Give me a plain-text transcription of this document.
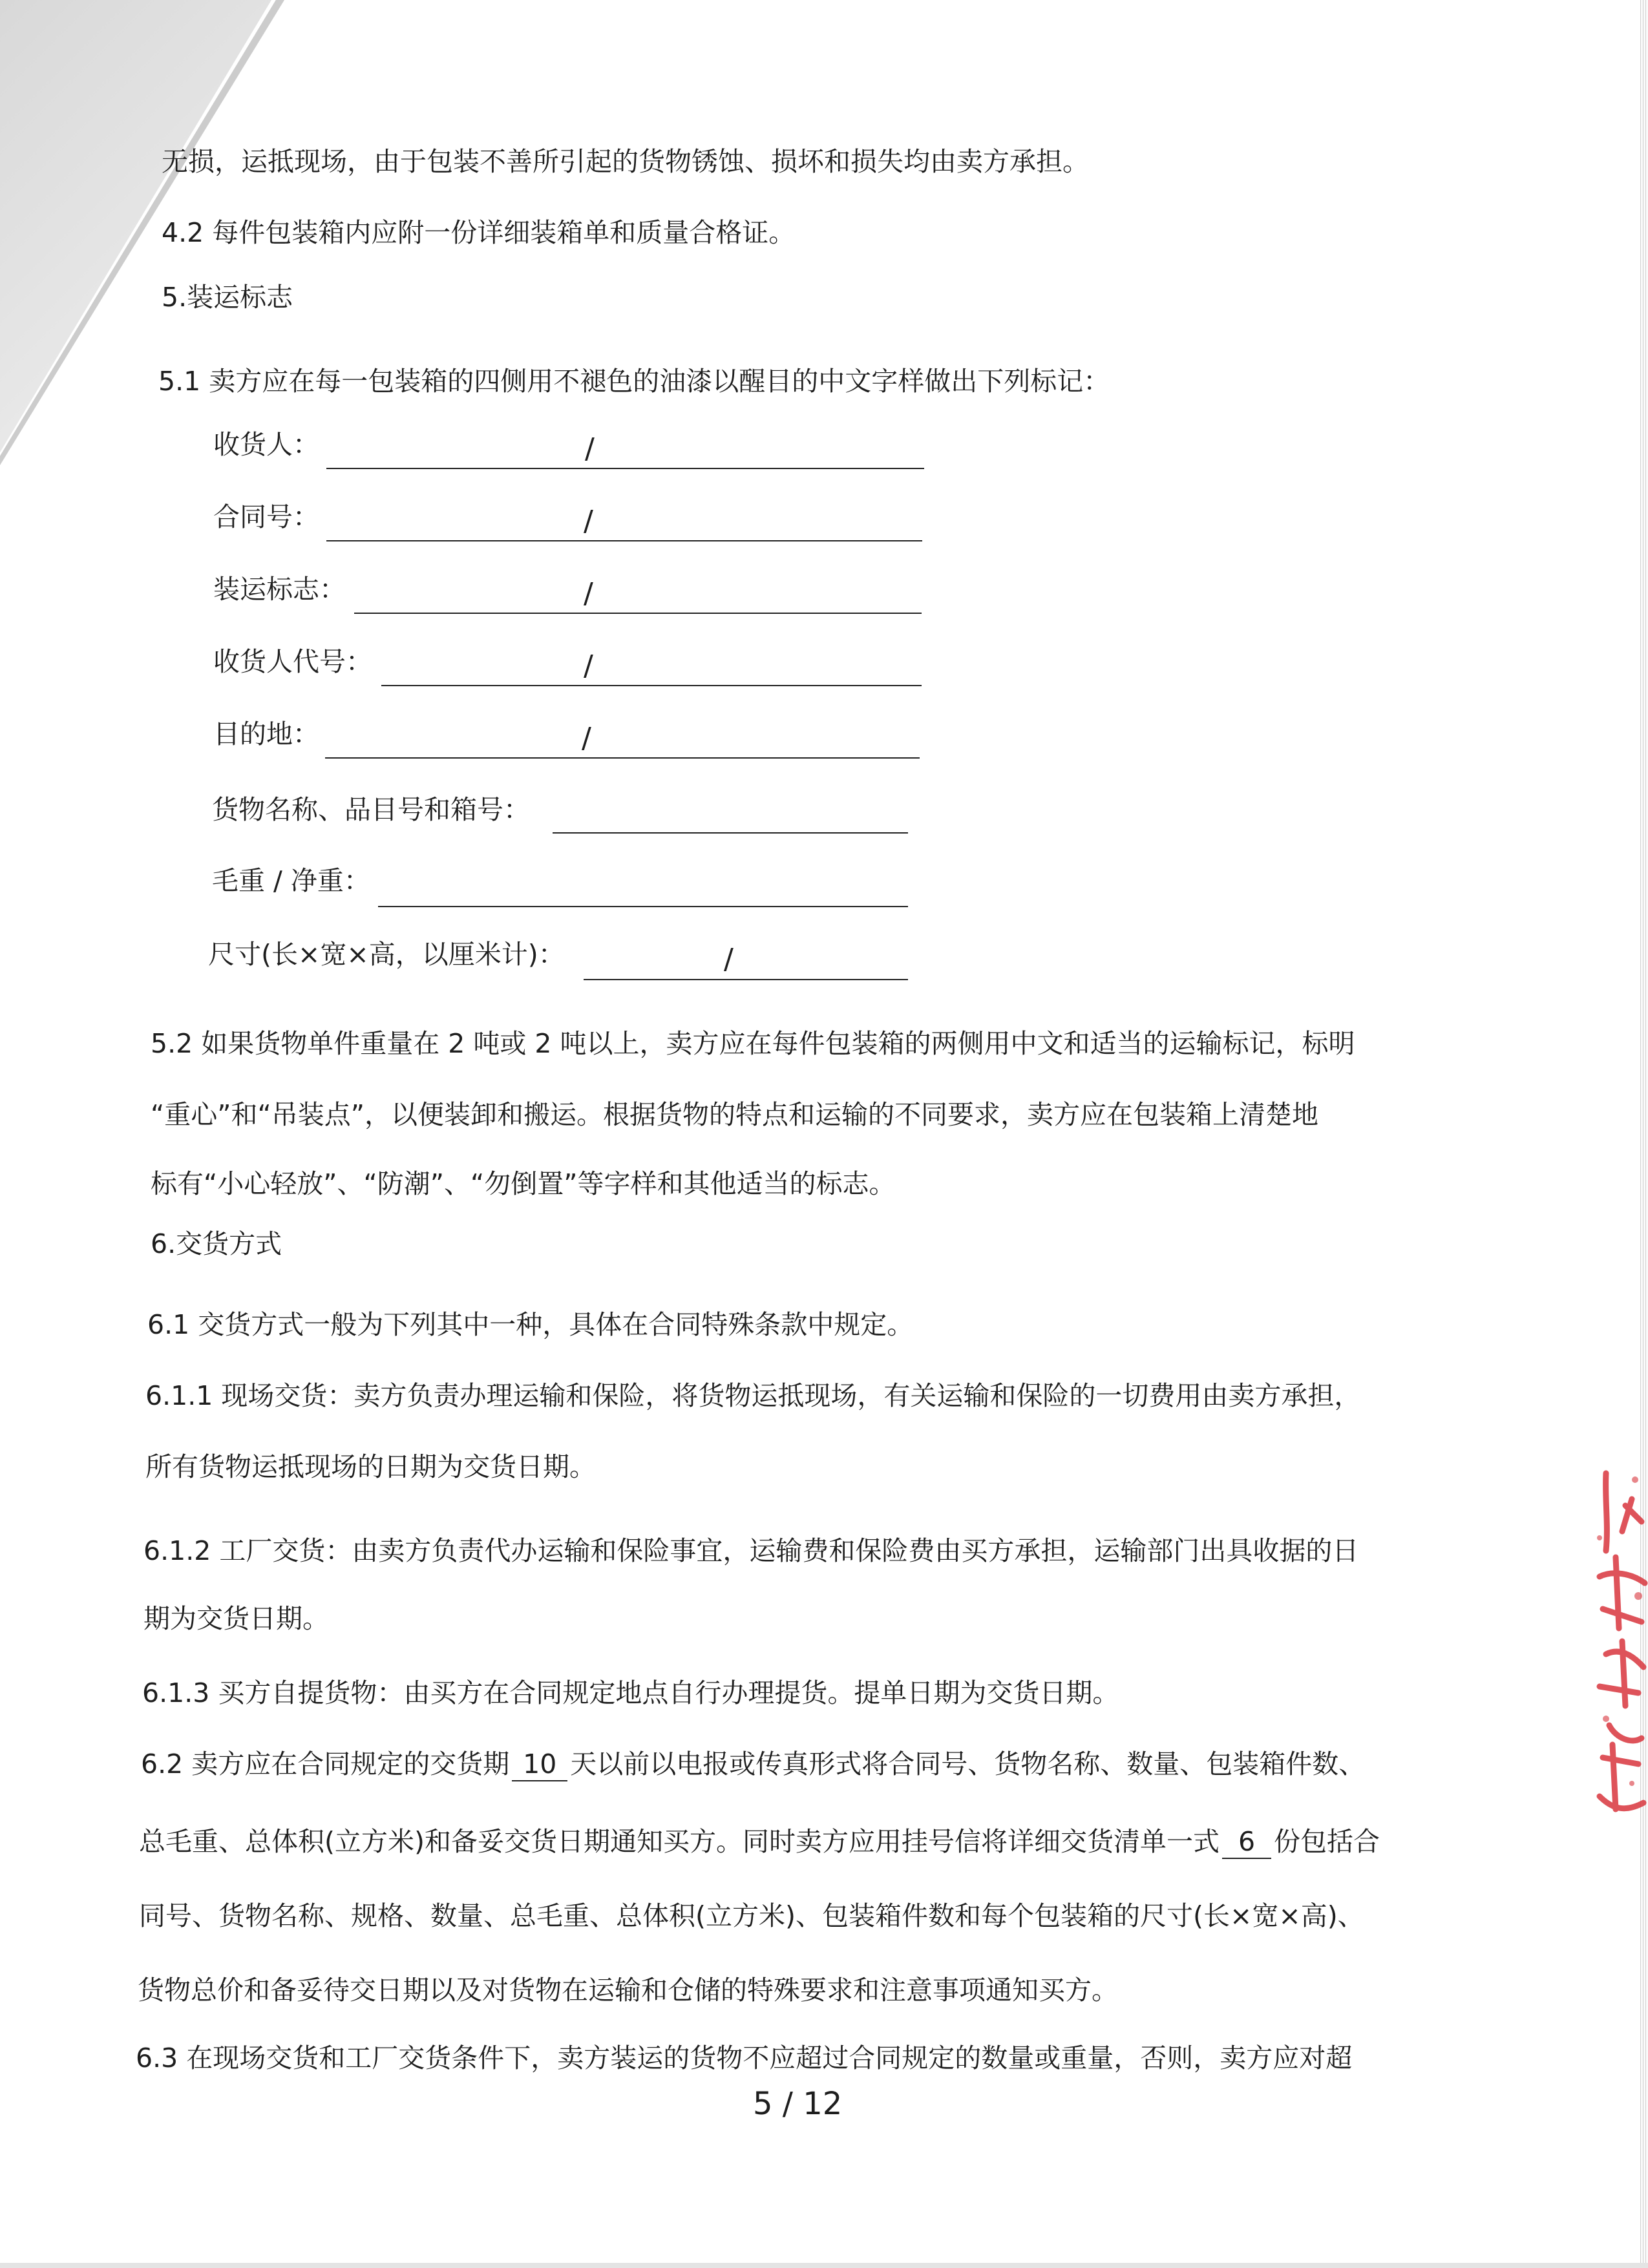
无损，运抵现场，由于包装不善所引起的货物锈蚀、损坏和损失均由卖方承担。
4.2 每件包装箱内应附一份详细装箱单和质量合格证。
5.装运标志
5.1 卖方应在每一包装箱的四侧用不褪色的油漆以醒目的中文字样做出下列标记：
收货人：	/
合同号：	/
装运标志：	/
收货人代号：	/
目的地：	/
货物名称、品目号和箱号：
毛重 / 净重：
尺寸(长×宽×高，以厘米计)：	/
5.2 如果货物单件重量在 2 吨或 2 吨以上，卖方应在每件包装箱的两侧用中文和适当的运输标记，标明
“重心”和“吊装点”，以便装卸和搬运。根据货物的特点和运输的不同要求，卖方应在包装箱上清楚地
标有“小心轻放”、“防潮”、“勿倒置”等字样和其他适当的标志。
6.交货方式
6.1 交货方式一般为下列其中一种，具体在合同特殊条款中规定。
6.1.1 现场交货：卖方负责办理运输和保险，将货物运抵现场，有关运输和保险的一切费用由卖方承担，
所有货物运抵现场的日期为交货日期。
6.1.2 工厂交货：由卖方负责代办运输和保险事宜，运输费和保险费由买方承担，运输部门出具收据的日
期为交货日期。
6.1.3 买方自提货物：由买方在合同规定地点自行办理提货。提单日期为交货日期。
6.2 卖方应在合同规定的交货期 10 天以前以电报或传真形式将合同号、货物名称、数量、包装箱件数、
总毛重、总体积(立方米)和备妥交货日期通知买方。同时卖方应用挂号信将详细交货清单一式 6 份包括合
同号、货物名称、规格、数量、总毛重、总体积(立方米)、包装箱件数和每个包装箱的尺寸(长×宽×高)、
货物总价和备妥待交日期以及对货物在运输和仓储的特殊要求和注意事项通知买方。
6.3 在现场交货和工厂交货条件下，卖方装运的货物不应超过合同规定的数量或重量，否则，卖方应对超
5 / 12
